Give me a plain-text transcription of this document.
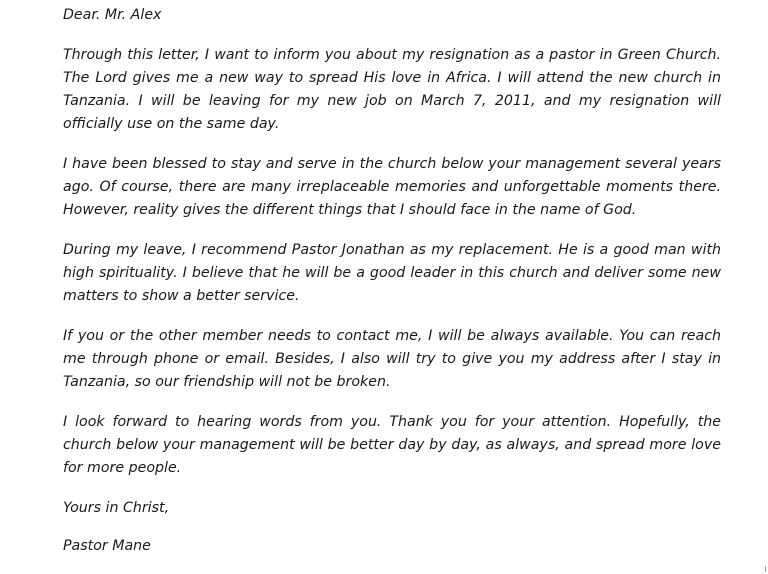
Dear. Mr. Alex

Through this letter, I want to inform you about my resignation as a pastor in Green Church. The Lord gives me a new way to spread His love in Africa. I will attend the new church in Tanzania. I will be leaving for my new job on March 7, 2011, and my resignation will officially use on the same day.

I have been blessed to stay and serve in the church below your management several years ago. Of course, there are many irreplaceable memories and unforgettable moments there. However, reality gives the different things that I should face in the name of God.

During my leave, I recommend Pastor Jonathan as my replacement. He is a good man with high spirituality. I believe that he will be a good leader in this church and deliver some new matters to show a better service.

If you or the other member needs to contact me, I will be always available. You can reach me through phone or email. Besides, I also will try to give you my address after I stay in Tanzania, so our friendship will not be broken.

I look forward to hearing words from you. Thank you for your attention. Hopefully, the church below your management will be better day by day, as always, and spread more love for more people.

Yours in Christ,

Pastor Mane
